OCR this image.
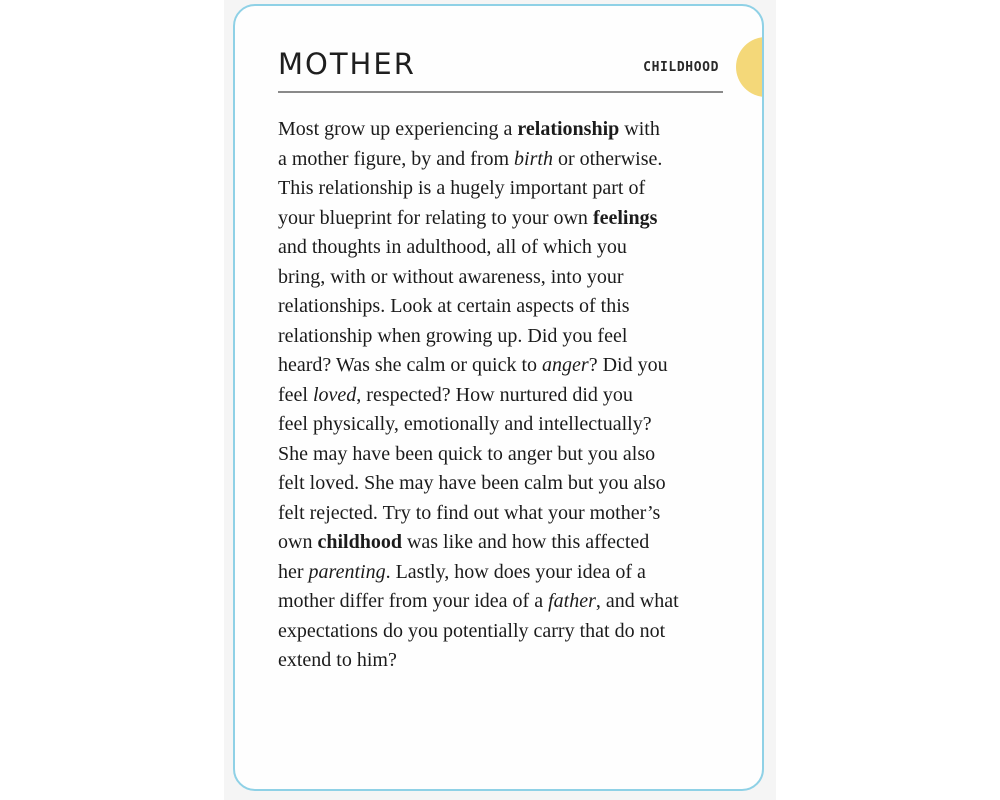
MOTHER	CHILDHOOD
Most grow up experiencing a relationship with
a mother figure, by and from birth or otherwise.
This relationship is a hugely important part of
your blueprint for relating to your own feelings
and thoughts in adulthood, all of which you
bring, with or without awareness, into your
relationships. Look at certain aspects of this
relationship when growing up. Did you feel
heard? Was she calm or quick to anger? Did you
feel loved, respected? How nurtured did you
feel physically, emotionally and intellectually?
She may have been quick to anger but you also
felt loved. She may have been calm but you also
felt rejected. Try to find out what your mother’s
own childhood was like and how this affected
her parenting. Lastly, how does your idea of a
mother differ from your idea of a father, and what
expectations do you potentially carry that do not
extend to him?
